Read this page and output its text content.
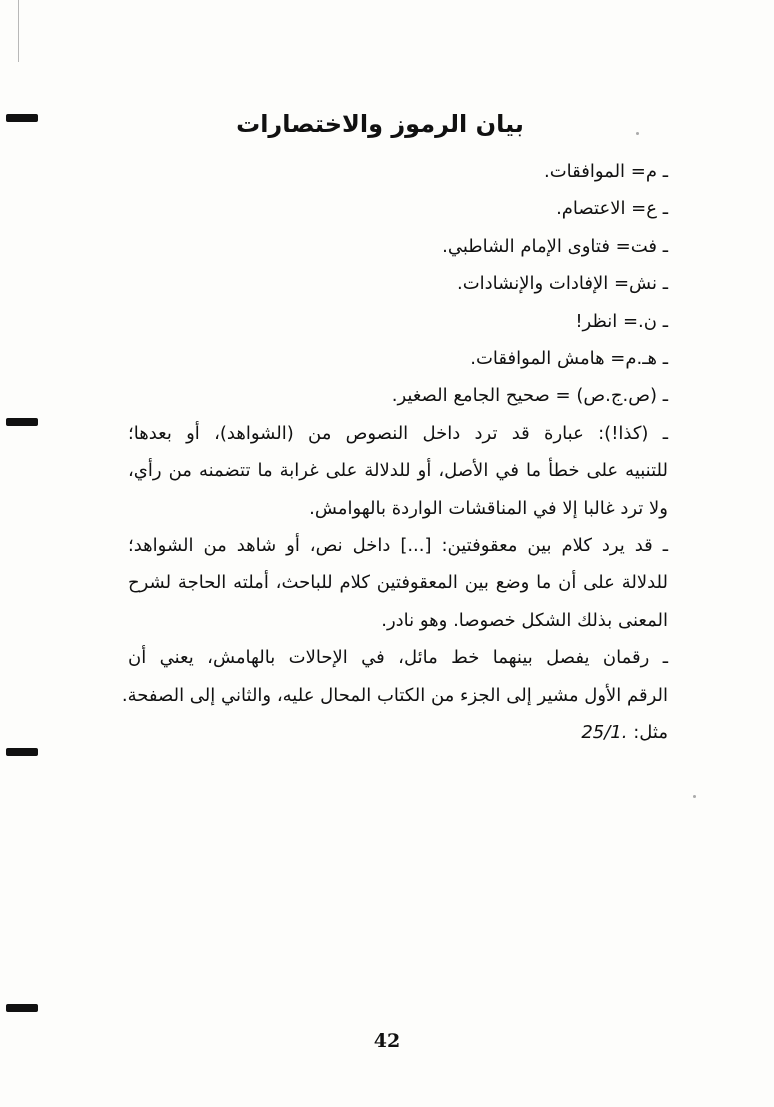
بيان الرموز والاختصارات
ـ م= الموافقات.
ـ ع= الاعتصام.
ـ فت= فتاوى الإمام الشاطبي.
ـ نش= الإفادات والإنشادات.
ـ ن.= انظر!
ـ هـ.م= هامش الموافقات.
ـ (ص.ج.ص) = صحيح الجامع الصغير.
ـ (كذا!): عبارة قد ترد داخل النصوص من (الشواهد)، أو بعدها؛
للتنبيه على خطأ ما في الأصل، أو للدلالة على غرابة ما تتضمنه من رأي،
ولا ترد غالبا إلا في المناقشات الواردة بالهوامش.
ـ قد يرد كلام بين معقوفتين: [...] داخل نص، أو شاهد من الشواهد؛
للدلالة على أن ما وضع بين المعقوفتين كلام للباحث، أملته الحاجة لشرح
المعنى بذلك الشكل خصوصا. وهو نادر.
ـ رقمان يفصل بينهما خط مائل، في الإحالات بالهامش، يعني أن
الرقم الأول مشير إلى الجزء من الكتاب المحال عليه، والثاني إلى الصفحة.
مثل: 25/1.
42
